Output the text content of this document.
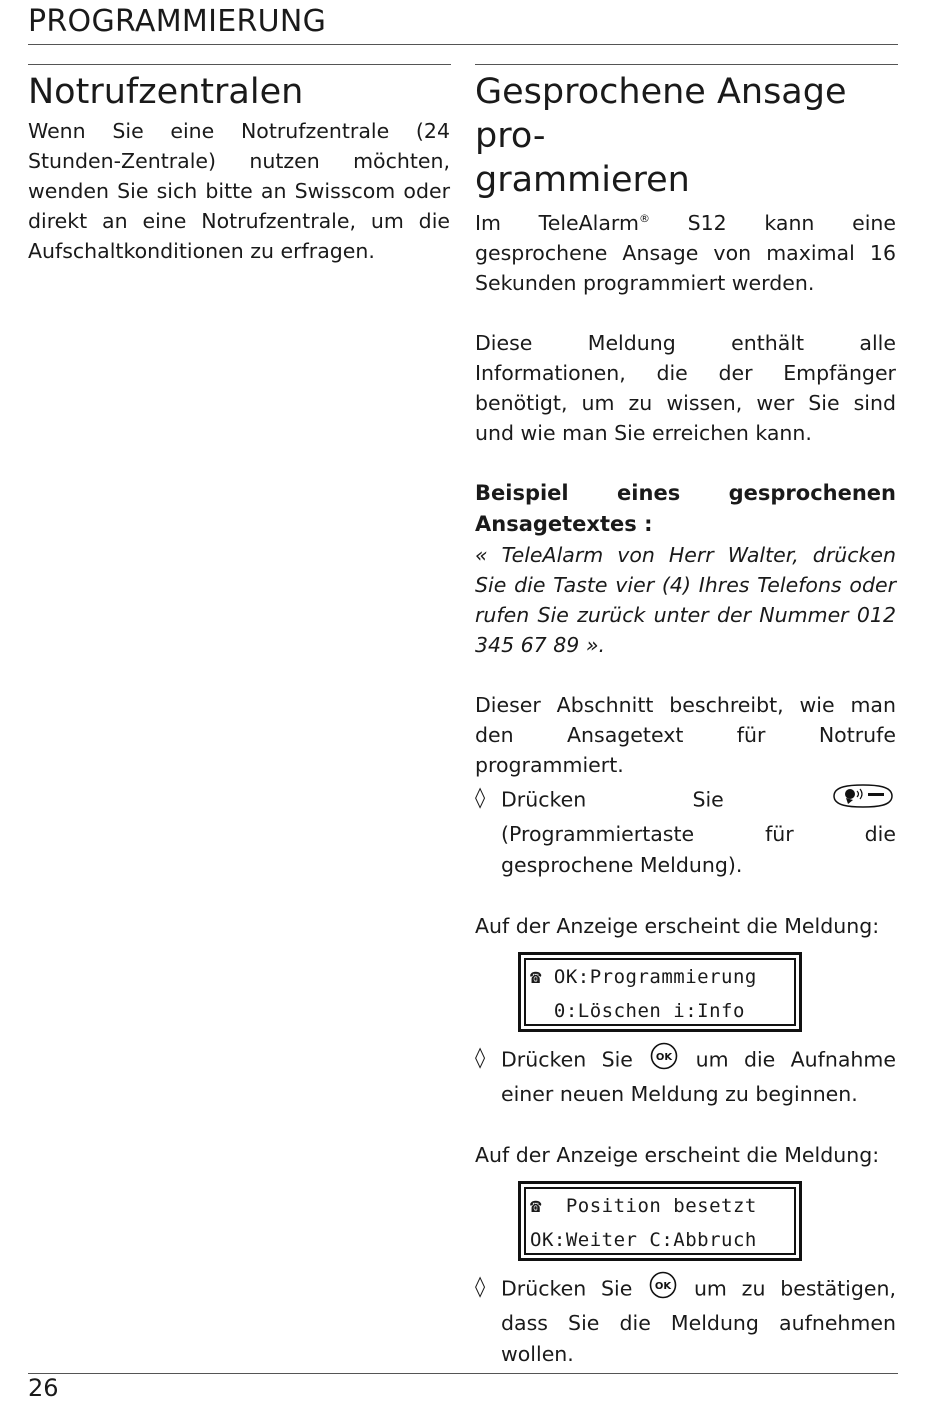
PROGRAMMIERUNG
Notrufzentralen

Wenn Sie eine Notrufzentrale (24 Stunden-Zentrale) nutzen möchten, wenden Sie sich bitte an Swisscom oder direkt an eine Notrufzentrale, um die Aufschaltkonditionen zu erfragen.

Gesprochene Ansage pro-
grammieren

Im TeleAlarm® S12 kann eine gesprochene Ansage von maximal 16 Sekunden programmiert werden.

Diese Meldung enthält alle Informationen, die der Empfänger benötigt, um zu wissen, wer Sie sind und wie man Sie erreichen kann.

Beispiel eines gesprochenen
Ansagetextes :

« TeleAlarm von Herr Walter, drücken Sie die Taste vier (4) Ihres Telefons oder rufen Sie zurück unter der Nummer 012 345 67 89 ».

Dieser Abschnitt beschreibt, wie man den Ansagetext für Notrufe programmiert.

◊ Drücken Sie  (Programmiertaste für die gesprochene Meldung).

Auf der Anzeige erscheint die Meldung:

☎ OK:Programmierung
0:Löschen i:Info
◊ Drücken Sie OK um die Aufnahme einer neuen Meldung zu beginnen.

Auf der Anzeige erscheint die Meldung:

☎  Position besetzt
OK:Weiter C:Abbruch
◊ Drücken Sie OK um zu bestätigen, dass Sie die Meldung aufnehmen wollen.
26
